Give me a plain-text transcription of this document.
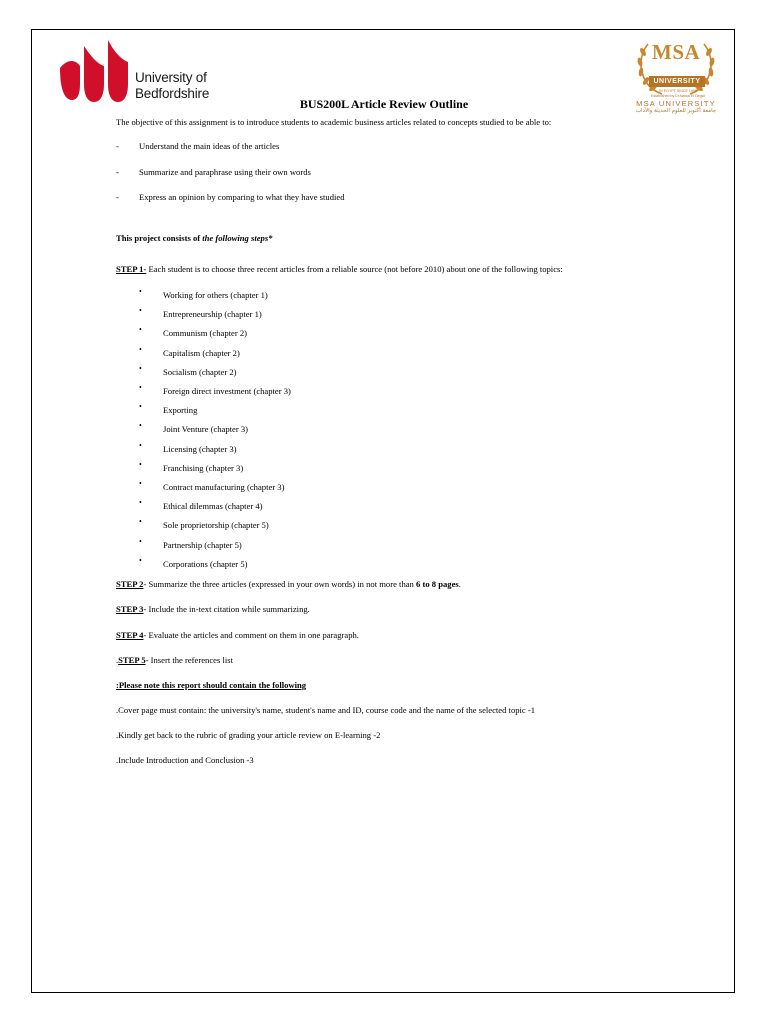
University of
Bedfordshire
MSA
UNIVERSITY
IN EGYPT SINCE 1996
Established by Dr.Nawal El Degwi
MSA UNIVERSITY
جامعة أكتوبر للعلوم الحديثة والآداب
BUS200L Article Review Outline
The objective of this assignment is to introduce students to academic business articles related to concepts studied to be able to:
This project consists of the following steps*
STEP 1- Each student is to choose three recent articles from a reliable source (not before 2010) about one of the following topics:
STEP 2- Summarize the three articles (expressed in your own words) in not more than 6 to 8 pages.
STEP 3- Include the in-text citation while summarizing.
STEP 4- Evaluate the articles and comment on them in one paragraph.
.STEP 5- Insert the references list
:Please note this report should contain the following
- Understand the main ideas of the articles
- Summarize and paraphrase using their own words
- Express an opinion by comparing to what they have studied
• Working for others (chapter 1)
• Entrepreneurship (chapter 1)
• Communism (chapter 2)
• Capitalism (chapter 2)
• Socialism (chapter 2)
• Foreign direct investment (chapter 3)
• Exporting
• Joint Venture (chapter 3)
• Licensing (chapter 3)
• Franchising (chapter 3)
• Contract manufacturing (chapter 3)
• Ethical dilemmas (chapter 4)
• Sole proprietorship (chapter 5)
• Partnership (chapter 5)
• Corporations (chapter 5)
.Cover page must contain: the university's name, student's name and ID, course code and the name of the selected topic -1
.Kindly get back to the rubric of grading your article review on E-learning -2
.Include Introduction and Conclusion -3
